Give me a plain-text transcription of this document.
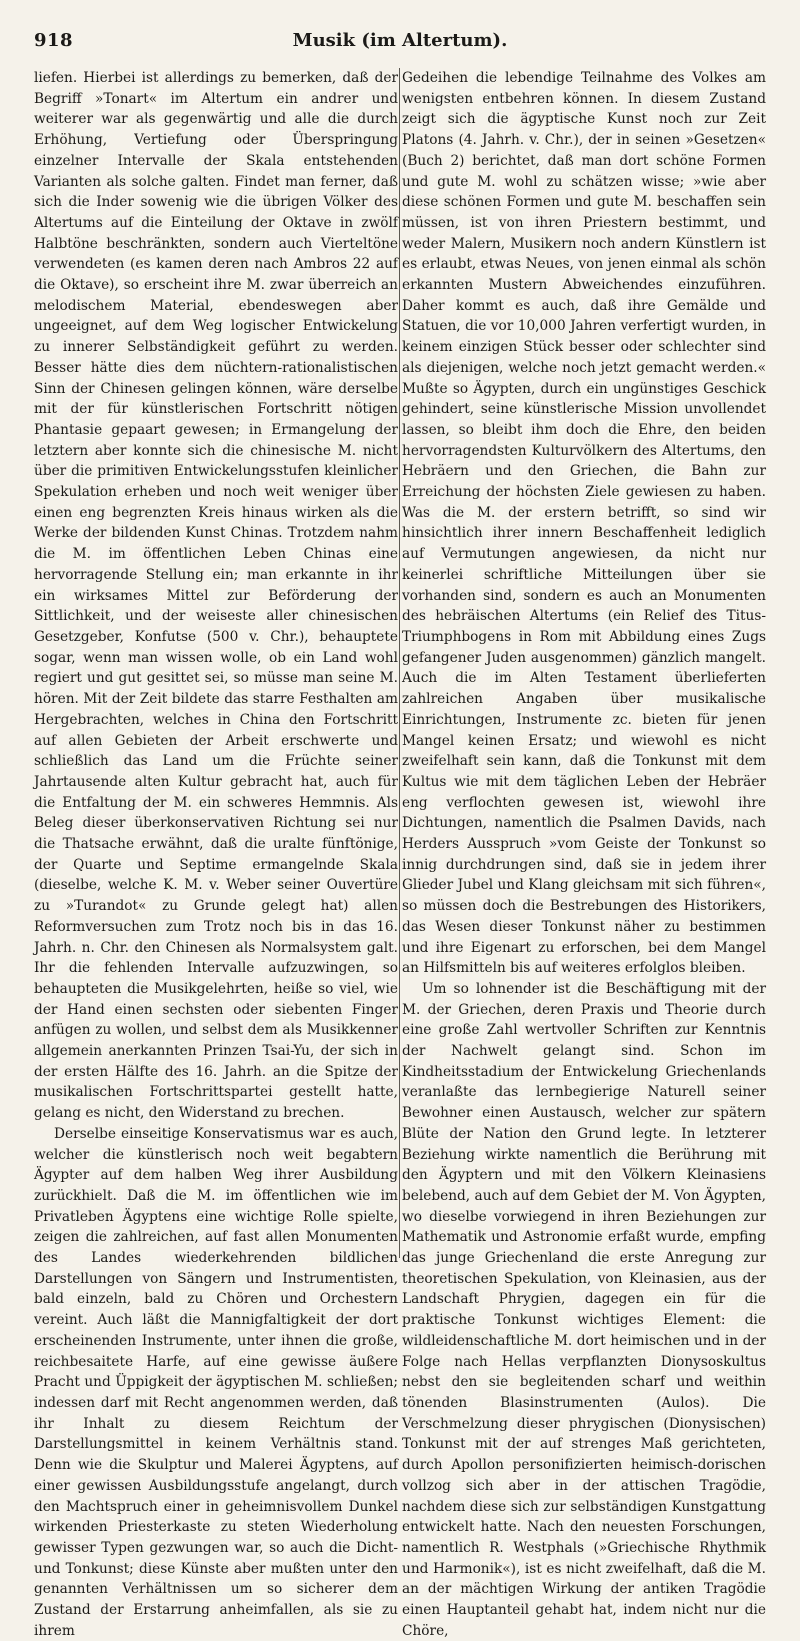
918	Musik (im Altertum).

liefen. Hierbei ist allerdings zu bemerken, daß der Begriff »Tonart« im Altertum ein andrer und weiterer war als gegenwärtig und alle die durch Erhöhung, Vertiefung oder Überspringung einzelner Intervalle der Skala entstehenden Varianten als solche galten. Findet man ferner, daß sich die Inder sowenig wie die übrigen Völker des Altertums auf die Einteilung der Oktave in zwölf Halbtöne beschränkten, sondern auch Vierteltöne verwendeten (es kamen deren nach Ambros 22 auf die Oktave), so erscheint ihre M. zwar überreich an melodischem Material, ebendeswegen aber ungeeignet, auf dem Weg logischer Entwickelung zu innerer Selbständigkeit geführt zu werden. Besser hätte dies dem nüchtern-rationalistischen Sinn der Chinesen gelingen können, wäre derselbe mit der für künstlerischen Fortschritt nötigen Phantasie gepaart gewesen; in Ermangelung der letztern aber konnte sich die chinesische M. nicht über die primitiven Entwickelungsstufen kleinlicher Spekulation erheben und noch weit weniger über einen eng begrenzten Kreis hinaus wirken als die Werke der bildenden Kunst Chinas. Trotzdem nahm die M. im öffentlichen Leben Chinas eine hervorragende Stellung ein; man erkannte in ihr ein wirksames Mittel zur Beförderung der Sittlichkeit, und der weiseste aller chinesischen Gesetzgeber, Konfutse (500 v. Chr.), behauptete sogar, wenn man wissen wolle, ob ein Land wohl regiert und gut gesittet sei, so müsse man seine M. hören. Mit der Zeit bildete das starre Festhalten am Hergebrachten, welches in China den Fortschritt auf allen Gebieten der Arbeit erschwerte und schließlich das Land um die Früchte seiner Jahrtausende alten Kultur gebracht hat, auch für die Entfaltung der M. ein schweres Hemmnis. Als Beleg dieser überkonservativen Richtung sei nur die Thatsache erwähnt, daß die uralte fünftönige, der Quarte und Septime ermangelnde Skala (dieselbe, welche K. M. v. Weber seiner Ouvertüre zu »Turandot« zu Grunde gelegt hat) allen Reformversuchen zum Trotz noch bis in das 16. Jahrh. n. Chr. den Chinesen als Normalsystem galt. Ihr die fehlenden Intervalle aufzuzwingen, so behaupteten die Musikgelehrten, heiße so viel, wie der Hand einen sechsten oder siebenten Finger anfügen zu wollen, und selbst dem als Musikkenner allgemein anerkannten Prinzen Tsai-Yu, der sich in der ersten Hälfte des 16. Jahrh. an die Spitze der musikalischen Fortschrittspartei gestellt hatte, gelang es nicht, den Widerstand zu brechen.

Derselbe einseitige Konservatismus war es auch, welcher die künstlerisch noch weit begabtern Ägypter auf dem halben Weg ihrer Ausbildung zurückhielt. Daß die M. im öffentlichen wie im Privatleben Ägyptens eine wichtige Rolle spielte, zeigen die zahlreichen, auf fast allen Monumenten des Landes wiederkehrenden bildlichen Darstellungen von Sängern und Instrumentisten, bald einzeln, bald zu Chören und Orchestern vereint. Auch läßt die Mannigfaltigkeit der dort erscheinenden Instrumente, unter ihnen die große, reichbesaitete Harfe, auf eine gewisse äußere Pracht und Üppigkeit der ägyptischen M. schließen; indessen darf mit Recht angenommen werden, daß ihr Inhalt zu diesem Reichtum der Darstellungsmittel in keinem Verhältnis stand. Denn wie die Skulptur und Malerei Ägyptens, auf einer gewissen Ausbildungsstufe angelangt, durch den Machtspruch einer in geheimnisvollem Dunkel wirkenden Priesterkaste zu steten Wiederholung gewisser Typen gezwungen war, so auch die Dicht- und Tonkunst; diese Künste aber mußten unter den genannten Verhältnissen um so sicherer dem Zustand der Erstarrung anheimfallen, als sie zu ihrem

Gedeihen die lebendige Teilnahme des Volkes am wenigsten entbehren können. In diesem Zustand zeigt sich die ägyptische Kunst noch zur Zeit Platons (4. Jahrh. v. Chr.), der in seinen »Gesetzen« (Buch 2) berichtet, daß man dort schöne Formen und gute M. wohl zu schätzen wisse; »wie aber diese schönen Formen und gute M. beschaffen sein müssen, ist von ihren Priestern bestimmt, und weder Malern, Musikern noch andern Künstlern ist es erlaubt, etwas Neues, von jenen einmal als schön erkannten Mustern Abweichendes einzuführen. Daher kommt es auch, daß ihre Gemälde und Statuen, die vor 10,000 Jahren verfertigt wurden, in keinem einzigen Stück besser oder schlechter sind als diejenigen, welche noch jetzt gemacht werden.« Mußte so Ägypten, durch ein ungünstiges Geschick gehindert, seine künstlerische Mission unvollendet lassen, so bleibt ihm doch die Ehre, den beiden hervorragendsten Kulturvölkern des Altertums, den Hebräern und den Griechen, die Bahn zur Erreichung der höchsten Ziele gewiesen zu haben. Was die M. der erstern betrifft, so sind wir hinsichtlich ihrer innern Beschaffenheit lediglich auf Vermutungen angewiesen, da nicht nur keinerlei schriftliche Mitteilungen über sie vorhanden sind, sondern es auch an Monumenten des hebräischen Altertums (ein Relief des Titus-Triumphbogens in Rom mit Abbildung eines Zugs gefangener Juden ausgenommen) gänzlich mangelt. Auch die im Alten Testament überlieferten zahlreichen Angaben über musikalische Einrichtungen, Instrumente zc. bieten für jenen Mangel keinen Ersatz; und wiewohl es nicht zweifelhaft sein kann, daß die Tonkunst mit dem Kultus wie mit dem täglichen Leben der Hebräer eng verflochten gewesen ist, wiewohl ihre Dichtungen, namentlich die Psalmen Davids, nach Herders Ausspruch »vom Geiste der Tonkunst so innig durchdrungen sind, daß sie in jedem ihrer Glieder Jubel und Klang gleichsam mit sich führen«, so müssen doch die Bestrebungen des Historikers, das Wesen dieser Tonkunst näher zu bestimmen und ihre Eigenart zu erforschen, bei dem Mangel an Hilfsmitteln bis auf weiteres erfolglos bleiben.

Um so lohnender ist die Beschäftigung mit der M. der Griechen, deren Praxis und Theorie durch eine große Zahl wertvoller Schriften zur Kenntnis der Nachwelt gelangt sind. Schon im Kindheitsstadium der Entwickelung Griechenlands veranlaßte das lernbegierige Naturell seiner Bewohner einen Austausch, welcher zur spätern Blüte der Nation den Grund legte. In letzterer Beziehung wirkte namentlich die Berührung mit den Ägyptern und mit den Völkern Kleinasiens belebend, auch auf dem Gebiet der M. Von Ägypten, wo dieselbe vorwiegend in ihren Beziehungen zur Mathematik und Astronomie erfaßt wurde, empfing das junge Griechenland die erste Anregung zur theoretischen Spekulation, von Kleinasien, aus der Landschaft Phrygien, dagegen ein für die praktische Tonkunst wichtiges Element: die wildleidenschaftliche M. dort heimischen und in der Folge nach Hellas verpflanzten Dionysoskultus nebst den sie begleitenden scharf und weithin tönenden Blasinstrumenten (Aulos). Die Verschmelzung dieser phrygischen (Dionysischen) Tonkunst mit der auf strenges Maß gerichteten, durch Apollon personifizierten heimisch-dorischen vollzog sich aber in der attischen Tragödie, nachdem diese sich zur selbständigen Kunstgattung entwickelt hatte. Nach den neuesten Forschungen, namentlich R. Westphals (»Griechische Rhythmik und Harmonik«), ist es nicht zweifelhaft, daß die M. an der mächtigen Wirkung der antiken Tragödie einen Hauptanteil gehabt hat, indem nicht nur die Chöre,
